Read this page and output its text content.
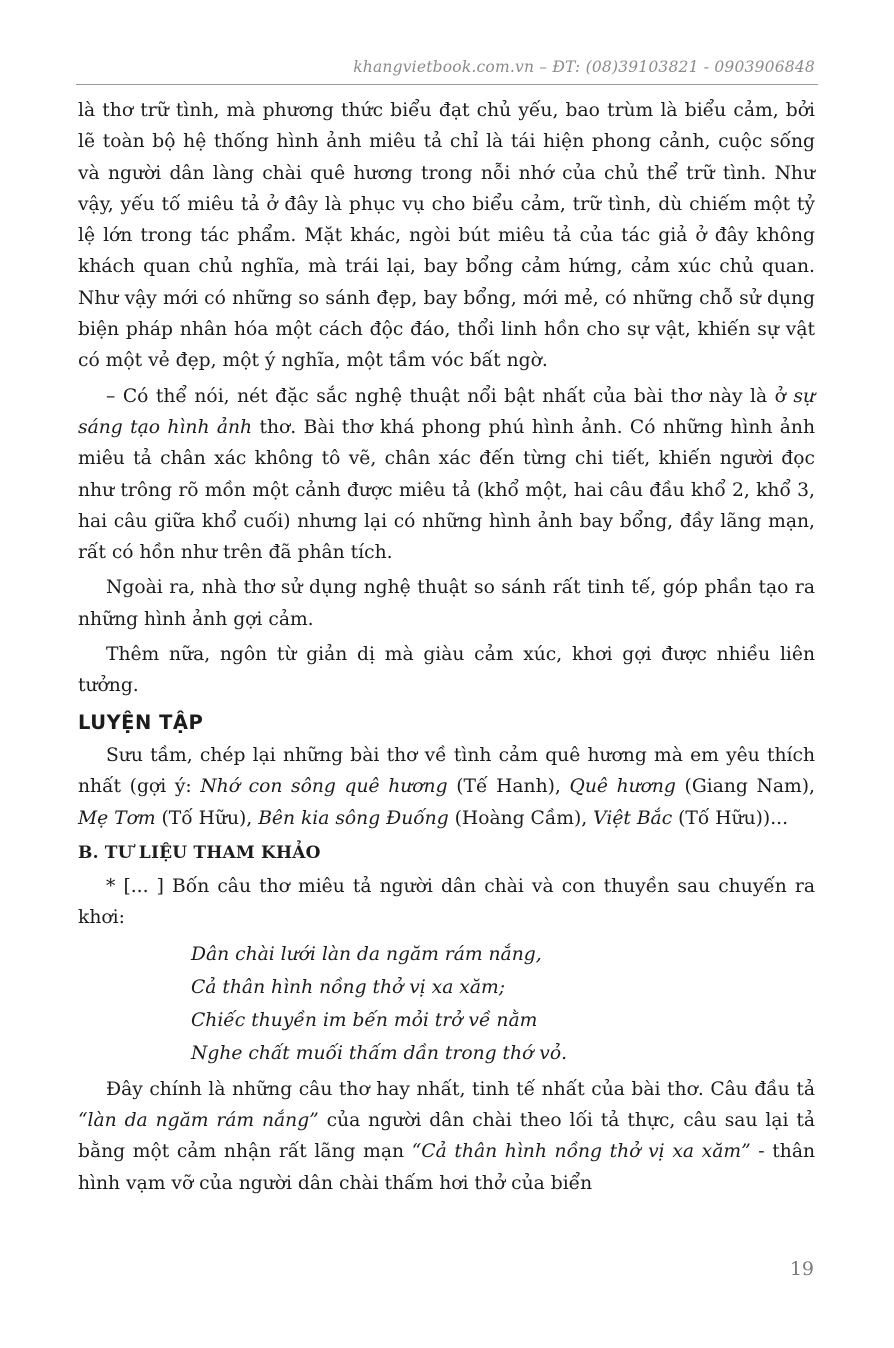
khangvietbook.com.vn – ĐT: (08)39103821 - 0903906848

là thơ trữ tình, mà phương thức biểu đạt chủ yếu, bao trùm là biểu cảm, bởi lẽ toàn bộ hệ thống hình ảnh miêu tả chỉ là tái hiện phong cảnh, cuộc sống và người dân làng chài quê hương trong nỗi nhớ của chủ thể trữ tình. Như vậy, yếu tố miêu tả ở đây là phục vụ cho biểu cảm, trữ tình, dù chiếm một tỷ lệ lớn trong tác phẩm. Mặt khác, ngòi bút miêu tả của tác giả ở đây không khách quan chủ nghĩa, mà trái lại, bay bổng cảm hứng, cảm xúc chủ quan. Như vậy mới có những so sánh đẹp, bay bổng, mới mẻ, có những chỗ sử dụng biện pháp nhân hóa một cách độc đáo, thổi linh hồn cho sự vật, khiến sự vật có một vẻ đẹp, một ý nghĩa, một tầm vóc bất ngờ.

– Có thể nói, nét đặc sắc nghệ thuật nổi bật nhất của bài thơ này là ở sự sáng tạo hình ảnh thơ. Bài thơ khá phong phú hình ảnh. Có những hình ảnh miêu tả chân xác không tô vẽ, chân xác đến từng chi tiết, khiến người đọc như trông rõ mồn một cảnh được miêu tả (khổ một, hai câu đầu khổ 2, khổ 3, hai câu giữa khổ cuối) nhưng lại có những hình ảnh bay bổng, đầy lãng mạn, rất có hồn như trên đã phân tích.

Ngoài ra, nhà thơ sử dụng nghệ thuật so sánh rất tinh tế, góp phần tạo ra những hình ảnh gợi cảm.

Thêm nữa, ngôn từ giản dị mà giàu cảm xúc, khơi gợi được nhiều liên tưởng.

LUYỆN TẬP

Sưu tầm, chép lại những bài thơ về tình cảm quê hương mà em yêu thích nhất (gợi ý: Nhớ con sông quê hương (Tế Hanh), Quê hương (Giang Nam), Mẹ Tơm (Tố Hữu), Bên kia sông Đuống (Hoàng Cầm), Việt Bắc (Tố Hữu))...

B. TƯ LIỆU THAM KHẢO

* [... ] Bốn câu thơ miêu tả người dân chài và con thuyền sau chuyến ra khơi:

Dân chài lưới làn da ngăm rám nắng,
Cả thân hình nồng thở vị xa xăm;
Chiếc thuyền im bến mỏi trở về nằm
Nghe chất muối thấm dần trong thớ vỏ.

Đây chính là những câu thơ hay nhất, tinh tế nhất của bài thơ. Câu đầu tả “làn da ngăm rám nắng” của người dân chài theo lối tả thực, câu sau lại tả bằng một cảm nhận rất lãng mạn “Cả thân hình nồng thở vị xa xăm” - thân hình vạm vỡ của người dân chài thấm hơi thở của biển

19
